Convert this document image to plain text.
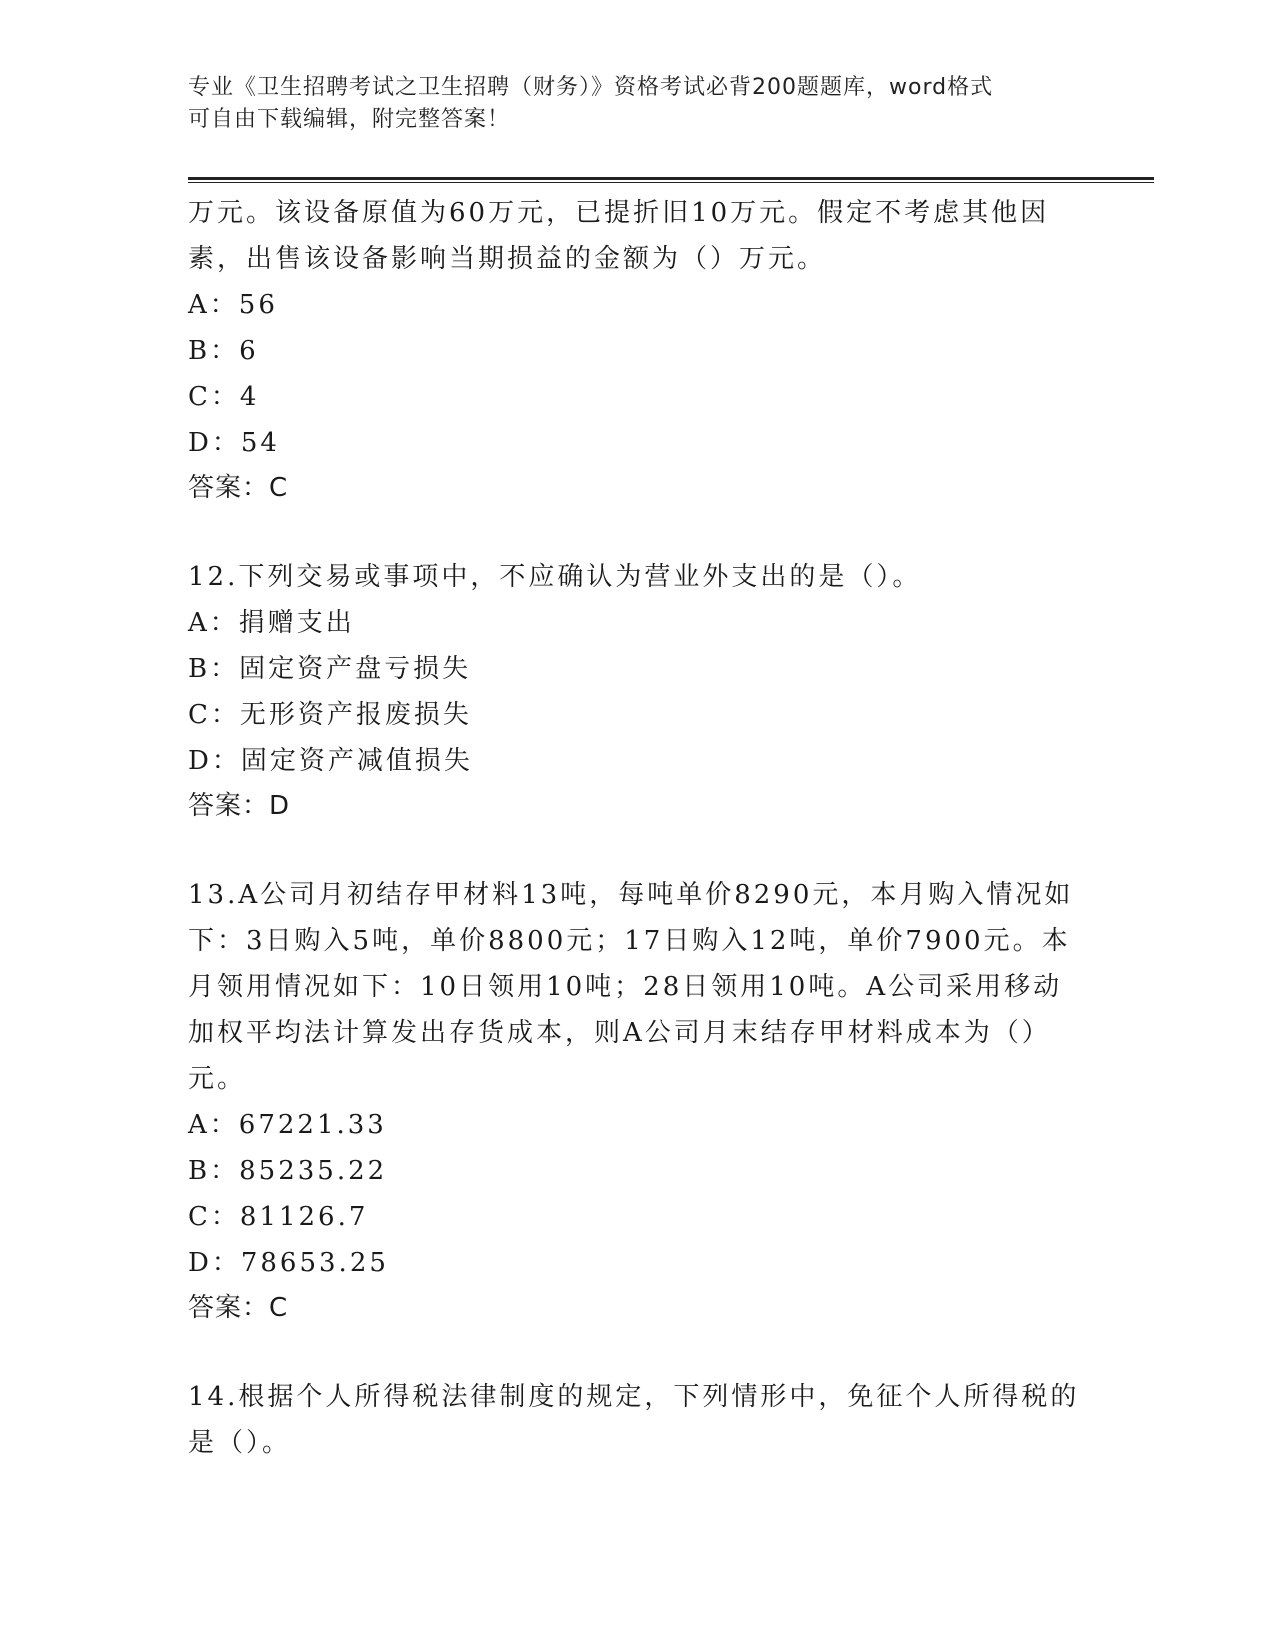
专业《卫生招聘考试之卫生招聘（财务）》资格考试必背200题题库，word格式
可自由下载编辑，附完整答案！
万元。该设备原值为60万元，已提折旧10万元。假定不考虑其他因
素，出售该设备影响当期损益的金额为（）万元。
A：56
B：6
C：4
D：54
答案：C
12.下列交易或事项中，不应确认为营业外支出的是（）。
A：捐赠支出
B：固定资产盘亏损失
C：无形资产报废损失
D：固定资产减值损失
答案：D
13.A公司月初结存甲材料13吨，每吨单价8290元，本月购入情况如
下：3日购入5吨，单价8800元；17日购入12吨，单价7900元。本
月领用情况如下：10日领用10吨；28日领用10吨。A公司采用移动
加权平均法计算发出存货成本，则A公司月末结存甲材料成本为（）
元。
A：67221.33
B：85235.22
C：81126.7
D：78653.25
答案：C
14.根据个人所得税法律制度的规定，下列情形中，免征个人所得税的
是（）。
